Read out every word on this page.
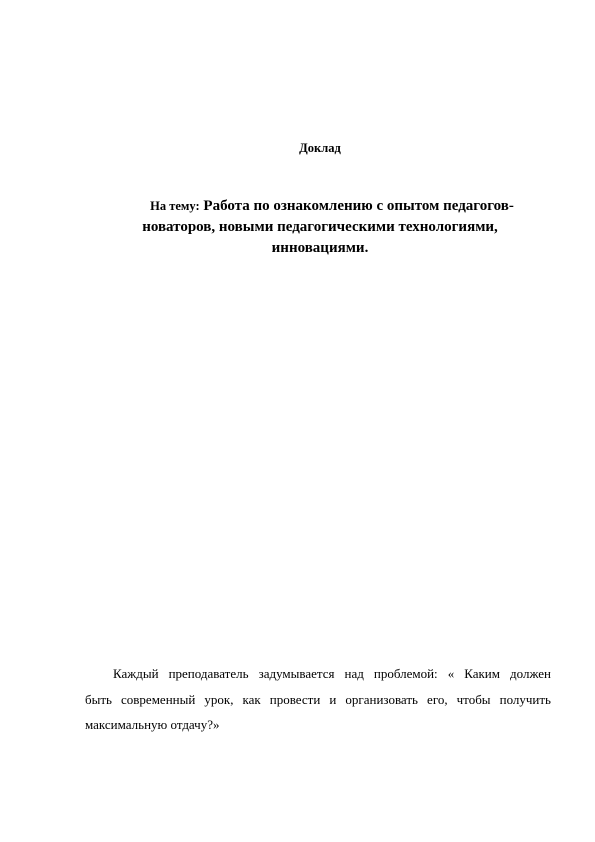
Доклад
На тему: Работа по ознакомлению с опытом педагогов-
новаторов, новыми педагогическими технологиями,
инновациями.
Каждый преподаватель задумывается над проблемой: « Каким должен
быть современный урок, как провести и организовать его, чтобы получить
максимальную отдачу?»
